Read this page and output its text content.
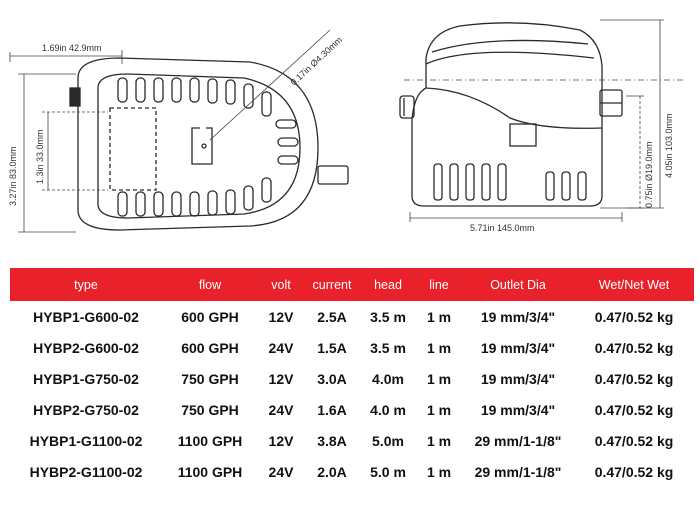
1.69in 42.9mm	0.17in Ø4.30mm
3.27in 83.0mm 1.3in 33.0mm	4.05in 103.0mm
0.75in Ø19.0mm
5.71in 145.0mm
type	flow	volt	current	head	line	Outlet Dia	Wet/Net Wet
HYBP1-G600-02	600 GPH	12V	2.5A	3.5 m	1 m	19 mm/3/4"	0.47/0.52 kg
HYBP2-G600-02	600 GPH	24V	1.5A	3.5 m	1 m	19 mm/3/4"	0.47/0.52 kg
HYBP1-G750-02	750 GPH	12V	3.0A	4.0m	1 m	19 mm/3/4"	0.47/0.52 kg
HYBP2-G750-02	750 GPH	24V	1.6A	4.0 m	1 m	19 mm/3/4"	0.47/0.52 kg
HYBP1-G1100-02	1100 GPH	12V	3.8A	5.0m	1 m	29 mm/1-1/8"	0.47/0.52 kg
HYBP2-G1100-02	1100 GPH	24V	2.0A	5.0 m	1 m	29 mm/1-1/8"	0.47/0.52 kg
